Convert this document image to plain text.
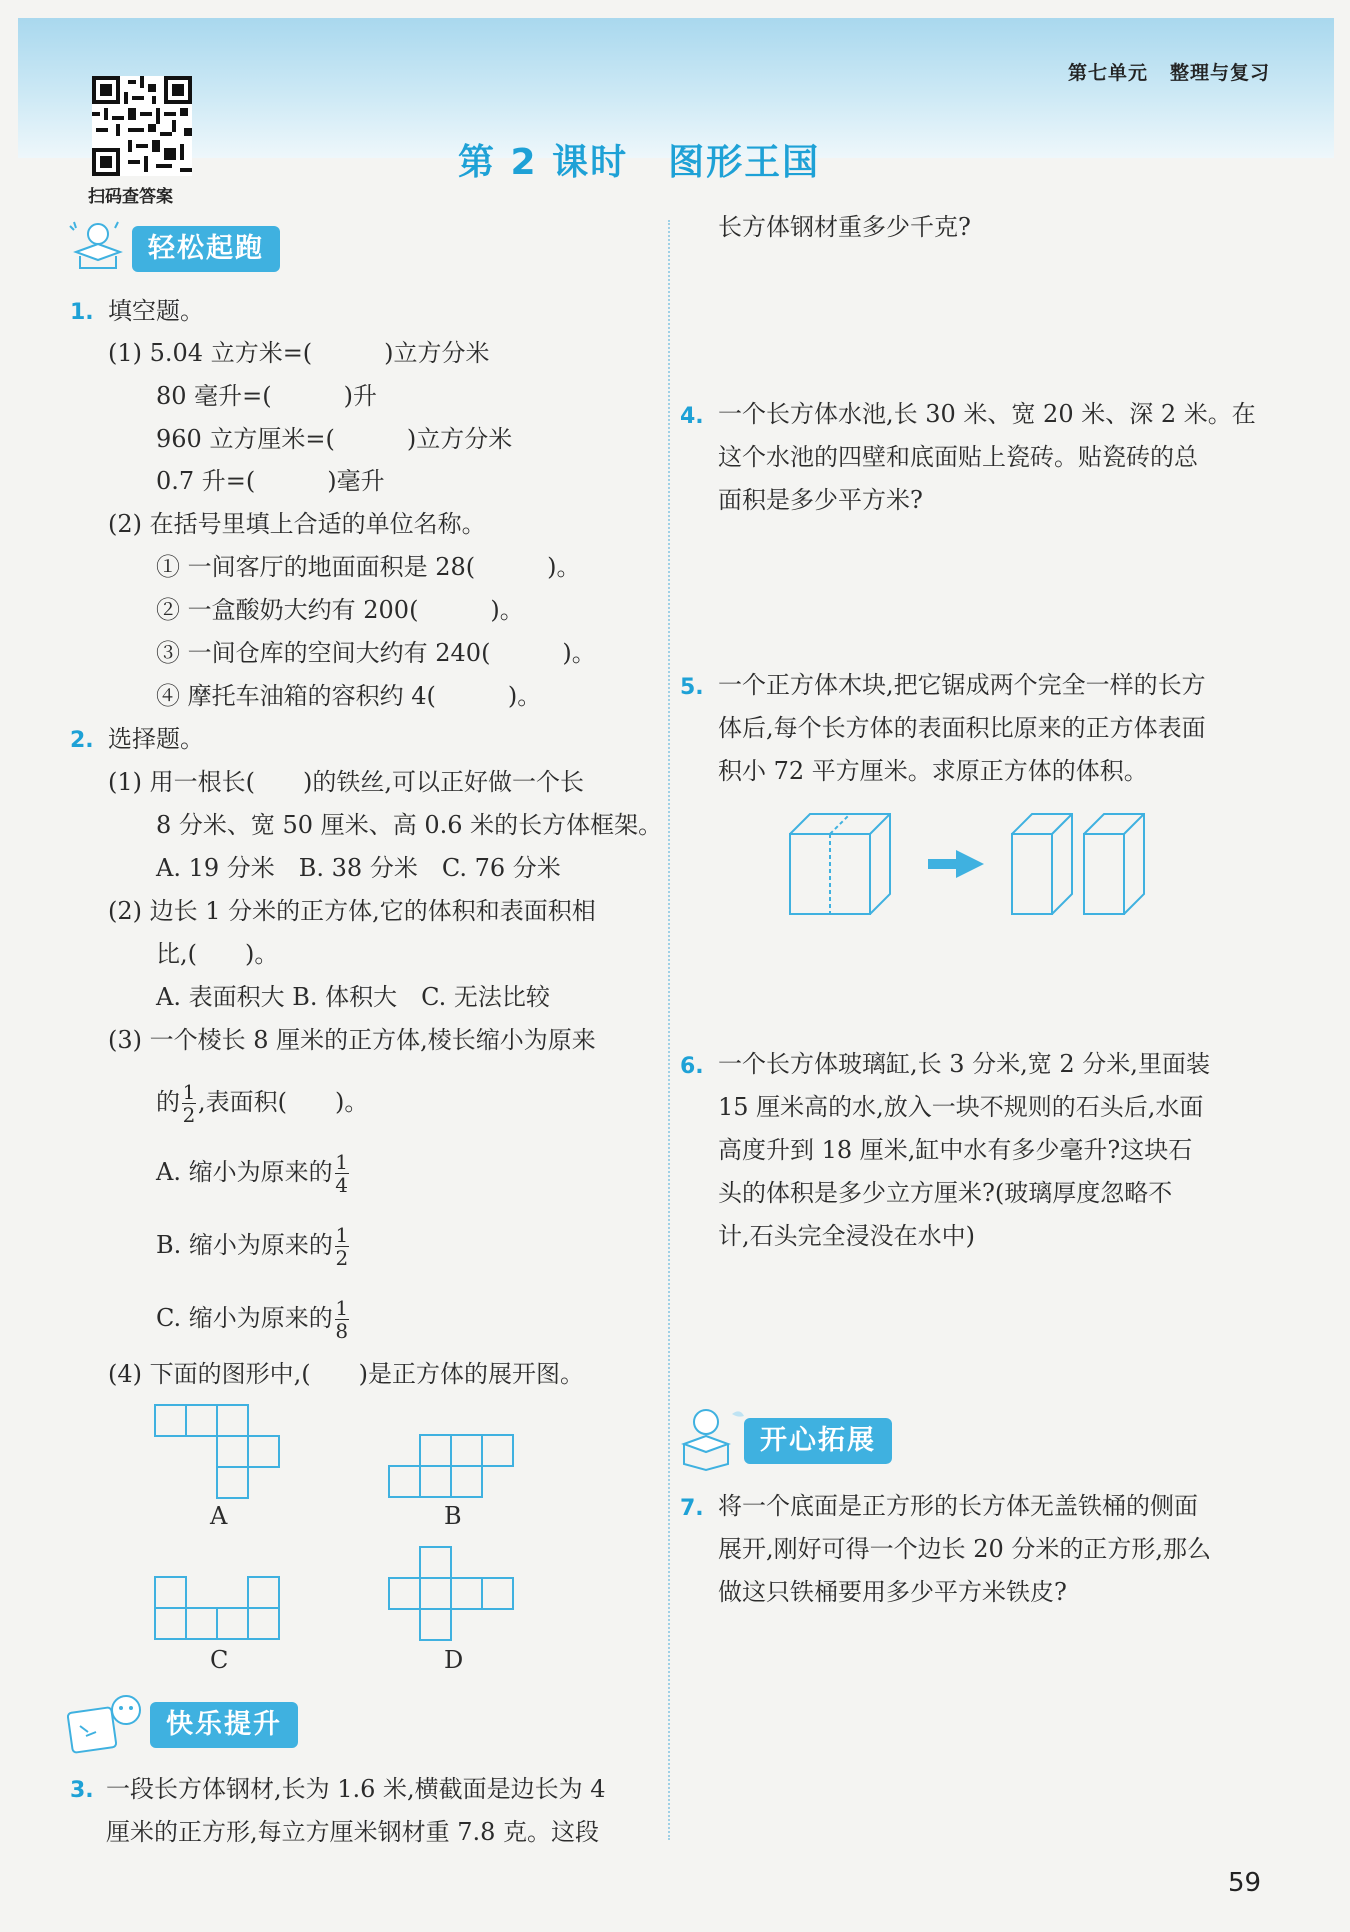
第七单元 整理与复习
扫码查答案
第 2 课时 图形王国
轻松起跑
1. 填空题。
(1) 5.04 立方米=(　　　)立方分米
80 毫升=(　　　)升
960 立方厘米=(　　　)立方分米
0.7 升=(　　　)毫升
(2) 在括号里填上合适的单位名称。
① 一间客厅的地面面积是 28(　　　)。
② 一盒酸奶大约有 200(　　　)。
③ 一间仓库的空间大约有 240(　　　)。
④ 摩托车油箱的容积约 4(　　　)。
2. 选择题。
(1) 用一根长(　　)的铁丝,可以正好做一个长
8 分米、宽 50 厘米、高 0.6 米的长方体框架。
A. 19 分米　B. 38 分米　C. 76 分米
(2) 边长 1 分米的正方体,它的体积和表面积相
比,(　　)。
A. 表面积大 B. 体积大　C. 无法比较
(3) 一个棱长 8 厘米的正方体,棱长缩小为原来
的 $\frac{1}{2}$ ,表面积(　　)。
A. 缩小为原来的 $\frac{1}{4}$
B. 缩小为原来的 $\frac{1}{2}$
C. 缩小为原来的 $\frac{1}{8}$
(4) 下面的图形中,(　　)是正方体的展开图。
A	B
C	D
快乐提升
3. 一段长方体钢材,长为 1.6 米,横截面是边长为 4
厘米的正方形,每立方厘米钢材重 7.8 克。这段
长方体钢材重多少千克?
4. 一个长方体水池,长 30 米、宽 20 米、深 2 米。在
这个水池的四壁和底面贴上瓷砖。贴瓷砖的总
面积是多少平方米?
5. 一个正方体木块,把它锯成两个完全一样的长方
体后,每个长方体的表面积比原来的正方体表面
积小 72 平方厘米。求原正方体的体积。
6. 一个长方体玻璃缸,长 3 分米,宽 2 分米,里面装
15 厘米高的水,放入一块不规则的石头后,水面
高度升到 18 厘米,缸中水有多少毫升?这块石
头的体积是多少立方厘米?(玻璃厚度忽略不
计,石头完全浸没在水中)
开心拓展
7. 将一个底面是正方形的长方体无盖铁桶的侧面
展开,刚好可得一个边长 20 分米的正方形,那么
做这只铁桶要用多少平方米铁皮?
59
